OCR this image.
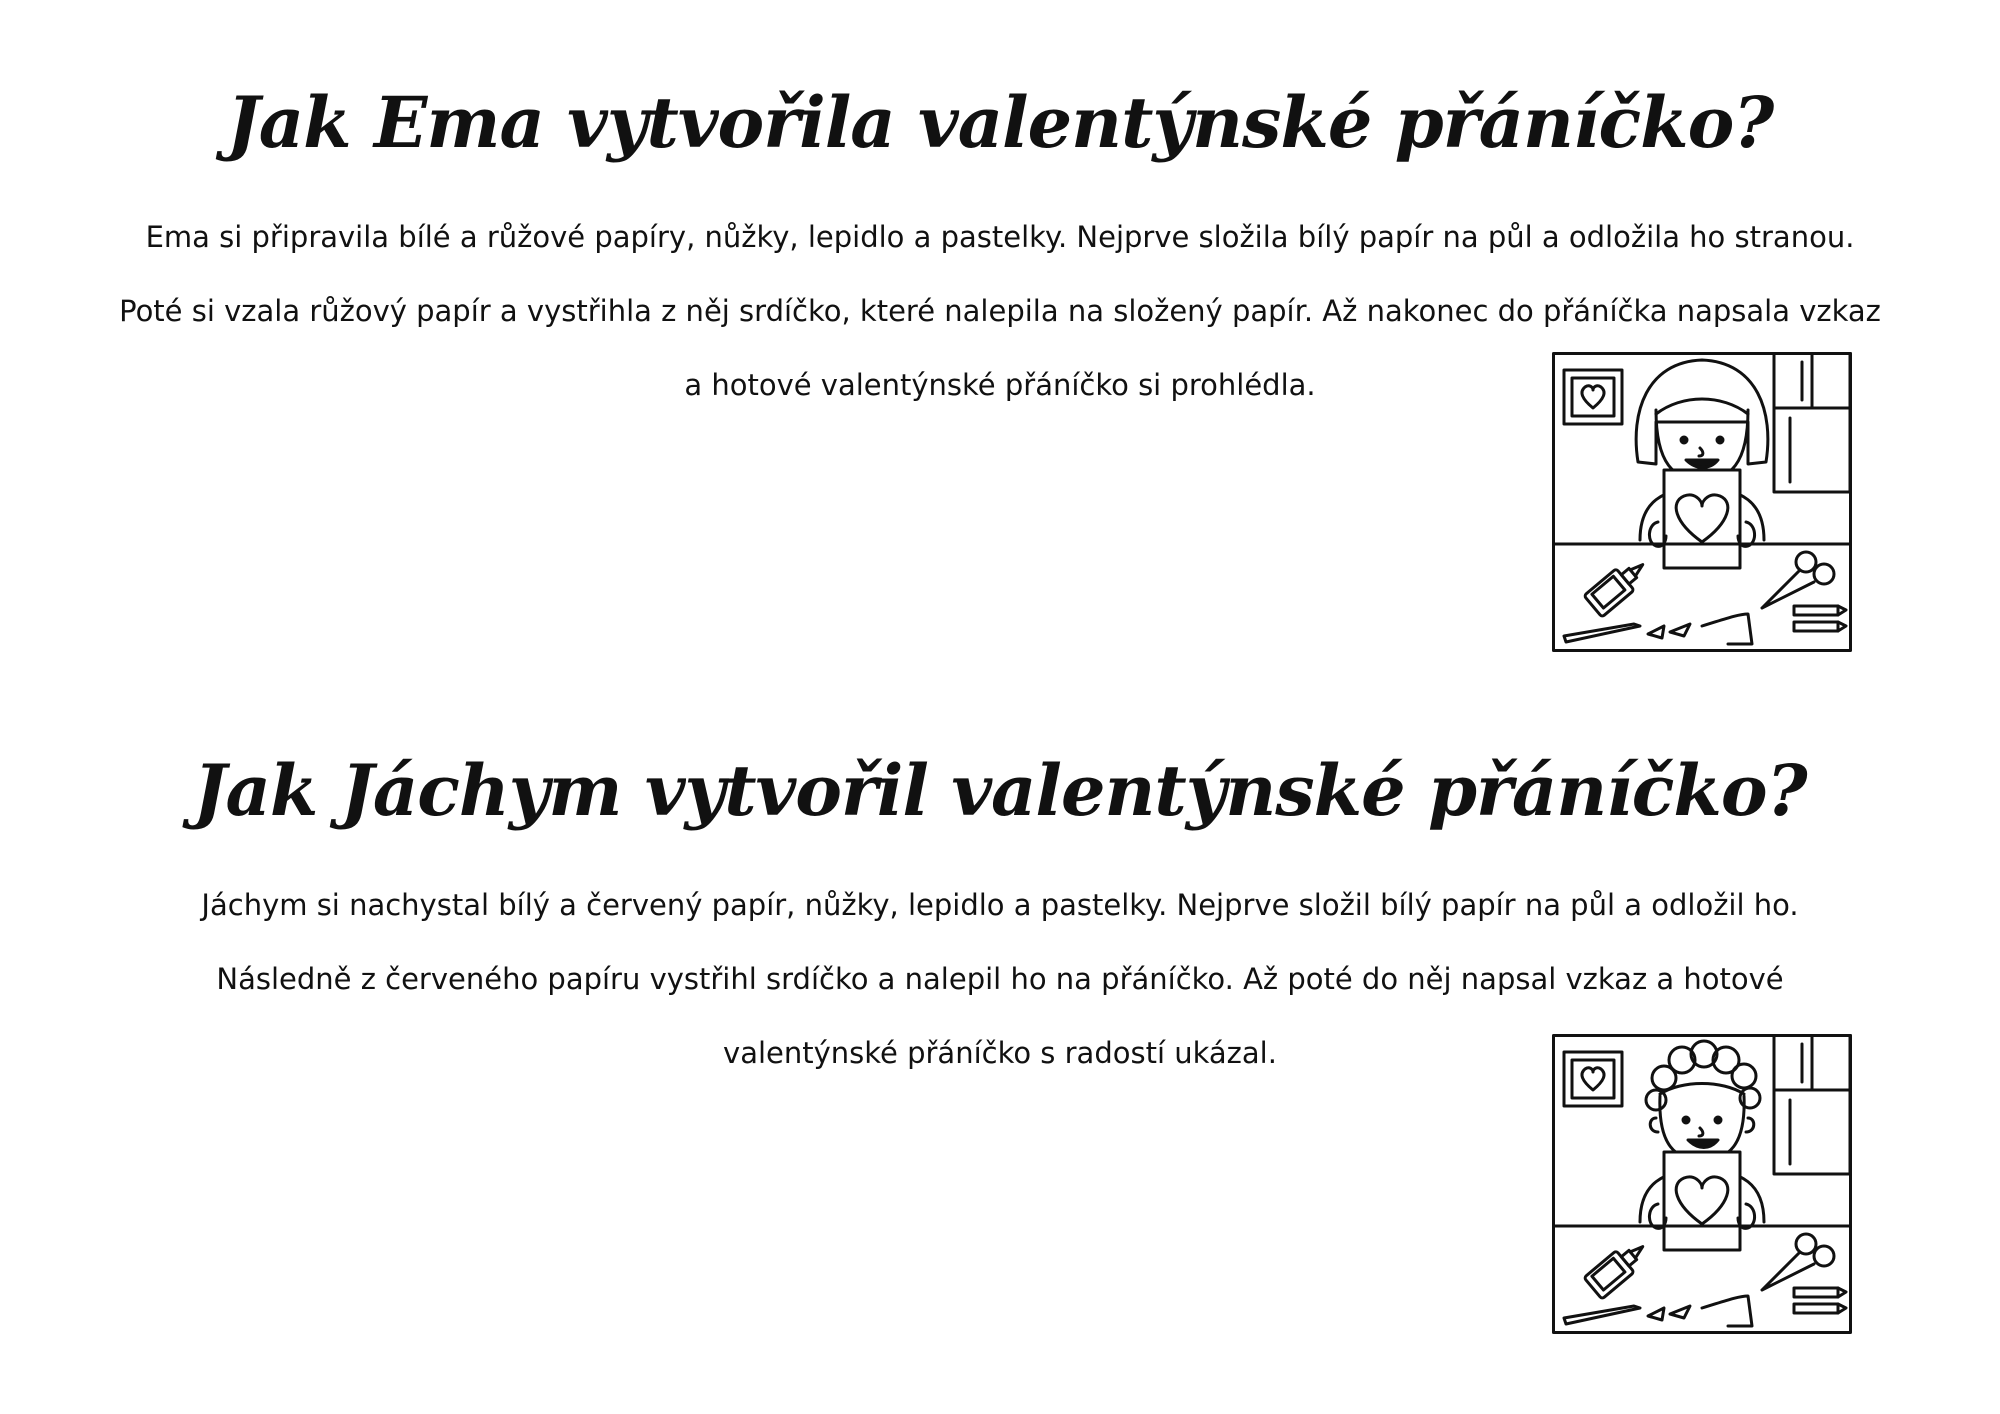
Jak Ema vytvořila valentýnské přáníčko?

Ema si připravila bílé a růžové papíry, nůžky, lepidlo a pastelky. Nejprve složila bílý papír na půl a odložila ho stranou.
Poté si vzala růžový papír a vystřihla z něj srdíčko, které nalepila na složený papír. Až nakonec do přáníčka napsala vzkaz
a hotové valentýnské přáníčko si prohlédla.

Jak Jáchym vytvořil valentýnské přáníčko?

Jáchym si nachystal bílý a červený papír, nůžky, lepidlo a pastelky. Nejprve složil bílý papír na půl a odložil ho.
Následně z červeného papíru vystřihl srdíčko a nalepil ho na přáníčko. Až poté do něj napsal vzkaz a hotové
valentýnské přáníčko s radostí ukázal.
